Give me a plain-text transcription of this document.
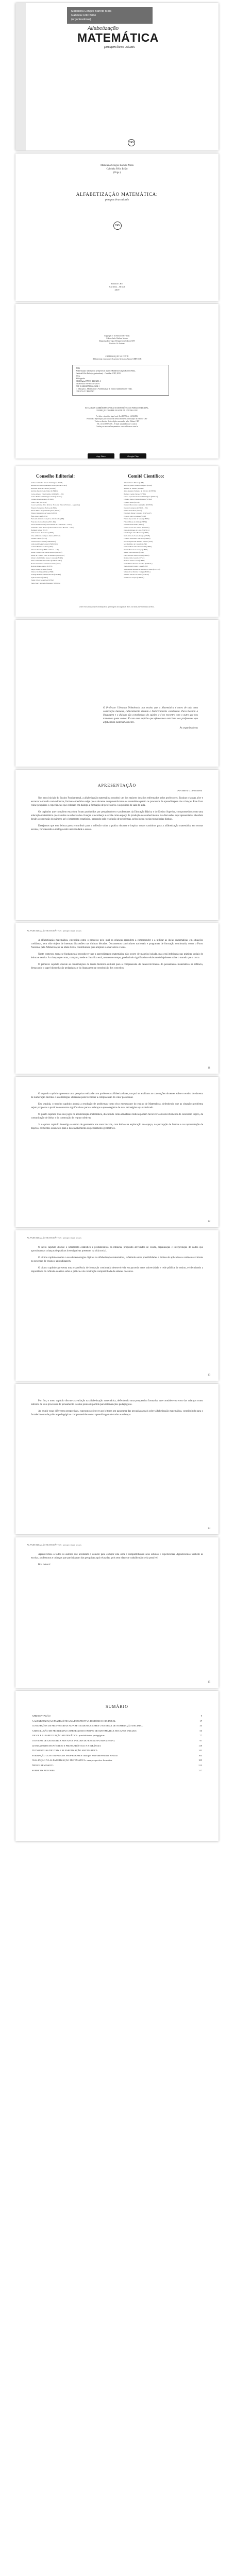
Madalena Conges Barreto Mota
Gabriela Félix Brião
(organizadoras)
Alfabetização
MATEMÁTICA
perspectivas atuais
CRV
Madalena Conges Barreto Mota
Gabriela Félix Brião
(Orgs.)
ALFABETIZAÇÃO MATEMÁTICA:
perspectivas atuais
CRV
Editora CRV
Curitiba – Brasil
2019
Copyright © da Editora CRV Ltda.
Editor-chefe: Railson Moura
Diagramação e Capa: Designers da Editora CRV
Revisão: Os Autores
CATALOGAÇÃO NA FONTE
Bibliotecária responsável: Luzenira Alves dos Santos CRB9/1506
A396
Alfabetização matemática: perspectivas atuais / Madalena Conges Barreto Mota,
Gabriela Félix Brião (organizadoras) – Curitiba : CRV, 2019.
226 p.
Bibliografia
ISBN Digital 978-85-444-3203-4
ISBN Físico 978-85-444-3204-1
DOI 10.24824/978854443204.1
1. Educação 2. Matemática 3. Alfabetização 4. Ensino fundamental I. Título.
CDU 372.47 CDD 372.7
ESTA OBRA TAMBÉM ENCONTRA-SE DISPONÍVEL EM FORMATO DIGITAL.
CONHEÇA E COMPRE NO SITE DA EDITORA CRV.
Foi feito o depósito legal conf. Lei 10.994 de 14/12/2004
Proibida a reprodução parcial ou total desta obra sem autorização da Editora CRV
Todos os direitos desta edição reservados pela: Editora CRV
Tel.: (41) 3039-6418 – E-mail: sac@editoracrv.com.br
Conheça os nossos lançamentos: www.editoracrv.com.br
App Store	Google Play
Conselho Editorial:	Comitê Científico:
Aldira Guimarães Duarte Domínguez (UNB)
Andréia da Silva Quintanilha Sousa (UNIR/UFRN)
Anselmo Alencar Colares (UFOPA)
Antônio Pereira Gaio Júnior (UFRRJ)
Carlos Alberto Vilar Estêvão (UMINHO – PT)
Carlos Federico Dominguez Avila (Unieuro)
Carmen Tereza Velanga (UNIR)
Celso Conti (UFSCar)
Cesar Gerónimo Tello (Univer. Nacional Três de Febrero – Argentina)
Eduardo Fernandes Barbosa (UFMG)
Elione Maria Nogueira Diogenes (UFAL)
Elizeu Clementino de Souza (UNEB)
Élsio José Corá (UFFS)
Fernando Antônio Gonçalves Alcoforado (IPB)
Francisco Carlos Duarte (PUC-PR)
Gloria Fariñas León (Universidade de La Havana – Cuba)
Guillermo Arias Beatón (Universidade de La Havana – Cuba)
Helmuth Krüger (UCP)
Jailson Alves dos Santos (UFRJ)
João Adalberto Campato Junior (UNESP)
Josania Portela (UFPI)
Leonel Severo Rocha (UNISINOS)
Lídia de Oliveira Xavier (UNIEURO)
Lourdes Helena da Silva (UFV)
Marcelo Paixão (UFRJ e UTexas – US)
Maria Cristina dos Santos Bezerra (UFSCar)
Maria de Lourdes Pinto de Almeida (UNOESC)
Maria Lília Imbiriba Sousa Colares (UFOPA)
Paulo Romualdo Hernandes (UNIFAL-MG)
Renato Francisco dos Santos Paula (UFG)
Rodrigo Pratte-Santos (UFES)
Sérgio Nunes de Jesus (IFRO)
Simone Rodrigues Pinto (UNB)
Solange Helena Ximenes-Rocha (UFOPA)
Sydione Santos (UEPG)
Tadeu Oliver Gonçalves (UFPA)
Tania Suely Azevedo Brasileiro (UFOPA)
Altair Alberto Fávero (UPF)
Ana Chrystina Venancio Mignot (UERJ)
Andréia N. Militão (UEMS)
Anna Augusta Sampaio de Oliveira (UNESP)
Barbara Coelho Neves (UFBA)
Cárcia Aparecida Sanches Domingues (UFSCar)
Cristina Maria D'Avila Teixeira (UFBA)
Cynthia Perin (UFPR)
Daniela Marcondes Guimarães (UNESP)
Diosnel Centurion (UNIDA – PY)
Eliane Rose Maio (UEM)
Elizabeth Pulgar Colmeiro (UNIVASF)
Everton Luiz Cevidanes (UNB)
Fátima Aparecida de Souza (UFMS)
Flávia Helena de Lima (UNESP)
Gabriela Félix Brião (UERJ)
Gisele Soares dos Santos (IF Sertão)
Ivana Rodrigues de Lima (UNISUL)
Jane Rangel Alves Barbosa (UFES)
Keila Mara de Souza Araújo (UFMS)
Lourdes Marcelino Machado (UFRN)
Marcia Aparecida Amador Mascia (USF)
Marilia Pinto de Carvalho (USP)
Mônica Maria Teixeira Amorim (UEM)
Natalia Ferreira Lourenço (UERJ)
Nilson José Machado (USP)
Patrícia Lessa Santos Costa (UFBA)
Regina Célia Grando (UFSC)
Ricardo Santos Costa (UERJ)
Sonia Maria Ferreira Koehler (UNISAL)
Tania Maria Ferreira Lopes (UFT)
Valdemarina Bidone de Azevedo e Souza (PUC RS)
Vânia Alves Martins Chaigar (FURG)
Vanessa Sievers de Mello (UFRGS)
Vera Lucia Gaspar (UDESC)
Este livro passou por avaliação e aprovação às cegas de dois ou mais pareceristas ad hoc.
O Professor Ubiratan D'Ambrosio nos ensina que a Matemática é antes de tudo uma construção humana, culturalmente situada e historicamente constituída. Para Bakhtin a linguagem e o diálogo são constitutivos do sujeito, e é no encontro com o outro que nos tornamos quem somos. É com esse espírito que oferecemos este livro aos professores que alfabetizam matematicamente.
As organizadoras
APRESENTAÇÃO
Por Marcia C. de Oliveira

Nos anos iniciais do Ensino Fundamental, a alfabetização matemática constitui um dos maiores desafios enfrentados pelos professores. Ensinar crianças a ler e escrever o mundo com números, formas e medidas exige que o docente compreenda tanto os conteúdos quanto os processos de aprendizagem das crianças. Este livro reúne pesquisas e experiências que colocam em diálogo a formação de professores e as práticas de sala de aula.

Os capítulos que compõem esta obra foram produzidos por pesquisadores e professores da Educação Básica e do Ensino Superior, comprometidos com uma educação matemática que valorize os saberes das crianças e reconheça a escola como espaço de produção de conhecimento. As discussões aqui apresentadas abordam desde a construção do número até o letramento estatístico, passando pela resolução de problemas, pelos jogos e pelas tecnologias digitais.

Desejamos que esta leitura possa contribuir para a reflexão sobre a prática docente e inspirar novos caminhos para a alfabetização matemática em nossas escolas, fortalecendo o diálogo entre universidade e escola.

ALFABETIZAÇÃO MATEMÁTICA: perspectivas atuais

A alfabetização matemática, entendida como o processo pelo qual as crianças aprendem a compreender e a utilizar as ideias matemáticas em situações cotidianas, tem sido objeto de intensas discussões nas últimas décadas. Documentos curriculares nacionais e programas de formação continuada, como o Pacto Nacional pela Alfabetização na Idade Certa, contribuíram para ampliar o olhar sobre o tema.

Neste contexto, torna-se fundamental reconhecer que a aprendizagem matemática não ocorre de maneira isolada, mas está imbricada nas práticas sociais de leitura e escrita. A criança que conta, compara, mede e classifica está, ao mesmo tempo, produzindo significados e elaborando hipóteses sobre o mundo que a cerca.

O primeiro capítulo discute as contribuições da teoria histórico-cultural para a compreensão do desenvolvimento do pensamento matemático na infância, destacando o papel da mediação pedagógica e da linguagem na constituição dos conceitos.

11

O segundo capítulo apresenta uma pesquisa realizada com professoras alfabetizadoras, na qual se analisam as concepções docentes sobre o ensino do sistema de numeração decimal e as estratégias utilizadas para favorecer a compreensão do valor posicional.

Em seguida, o terceiro capítulo aborda a resolução de problemas como eixo estruturante do ensino de Matemática, defendendo que as situações-problema sejam propostas a partir de contextos significativos para as crianças e que o registro de suas estratégias seja valorizado.

O quarto capítulo trata dos jogos na alfabetização matemática, discutindo como atividades lúdicas podem favorecer o desenvolvimento do raciocínio lógico, da comunicação de ideias e da construção de regras coletivas.

Já o quinto capítulo investiga o ensino de geometria nos anos iniciais, com ênfase na exploração do espaço, na percepção de formas e na representação de trajetos, elementos essenciais para o desenvolvimento do pensamento geométrico.

12
ALFABETIZAÇÃO MATEMÁTICA: perspectivas atuais

O sexto capítulo discute o letramento estatístico e probabilístico na infância, propondo atividades de coleta, organização e interpretação de dados que aproximam as crianças de práticas investigativas presentes na vida social.

O sétimo capítulo analisa o uso de tecnologias digitais na alfabetização matemática, refletindo sobre possibilidades e limites de aplicativos e ambientes virtuais no processo de ensino e aprendizagem.

O oitavo capítulo apresenta uma experiência de formação continuada desenvolvida em parceria entre universidade e rede pública de ensino, evidenciando a importância da reflexão coletiva sobre a prática e da construção compartilhada de saberes docentes.

13

Por fim, o nono capítulo discute a avaliação na alfabetização matemática, defendendo uma perspectiva formativa que considere os erros das crianças como indícios de seus processos de pensamento e como ponto de partida para intervenções pedagógicas.

Ao reunir essas diferentes perspectivas, esperamos oferecer aos leitores um panorama das pesquisas atuais sobre alfabetização matemática, contribuindo para o fortalecimento de práticas pedagógicas comprometidas com a aprendizagem de todas as crianças.

14
ALFABETIZAÇÃO MATEMÁTICA: perspectivas atuais

Agradecemos a todos os autores que aceitaram o convite para compor esta obra e compartilharam seus estudos e experiências. Agradecemos também às escolas, professoras e crianças que participaram das pesquisas aqui relatadas, pois sem elas este trabalho não seria possível.

Boa leitura!

15
SUMÁRIO
APRESENTAÇÃO	9
A ALFABETIZAÇÃO MATEMÁTICA NA PERSPECTIVA HISTÓRICO-CULTURAL	17
CONCEPÇÕES DE PROFESSORAS ALFABETIZADORAS SOBRE O SISTEMA DE NUMERAÇÃO DECIMAL	35
A RESOLUÇÃO DE PROBLEMAS COMO EIXO DO ENSINO DE MATEMÁTICA NOS ANOS INICIAIS	55
JOGOS E ALFABETIZAÇÃO MATEMÁTICA: possibilidades pedagógicas	77
O ENSINO DE GEOMETRIA NOS ANOS INICIAIS DO ENSINO FUNDAMENTAL	97
LETRAMENTO ESTATÍSTICO E PROBABILÍSTICO NA INFÂNCIA	119
TECNOLOGIAS DIGITAIS E ALFABETIZAÇÃO MATEMÁTICA	141
FORMAÇÃO CONTINUADA DE PROFESSORES: diálogos entre universidade e escola	163
AVALIAÇÃO NA ALFABETIZAÇÃO MATEMÁTICA: uma perspectiva formativa	185
ÍNDICE REMISSIVO	213
SOBRE OS AUTORES	217
